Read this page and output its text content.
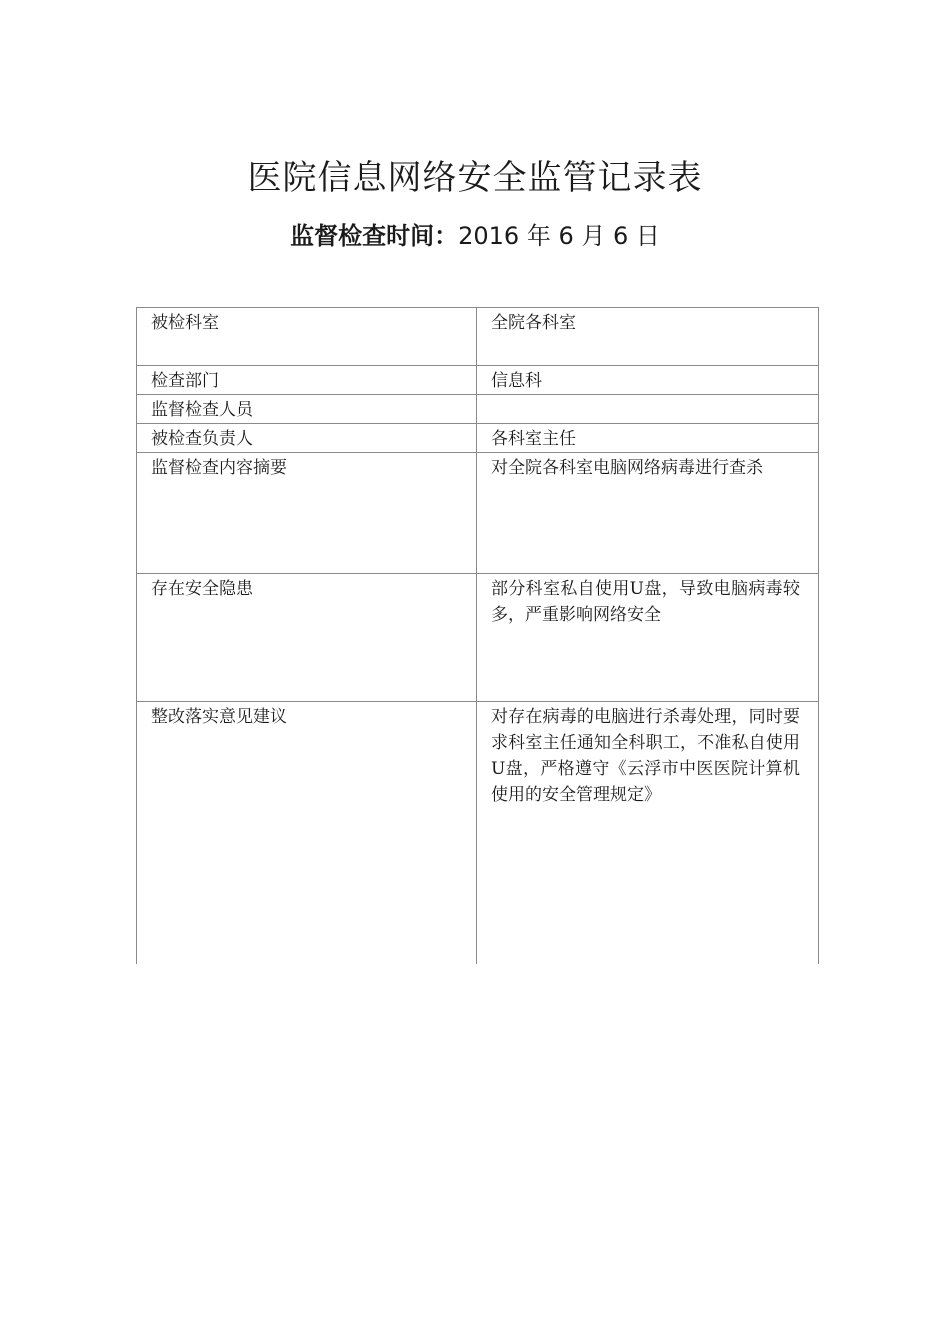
医院信息网络安全监管记录表

监督检查时间：2016 年 6 月 6 日

被检科室	全院各科室
检查部门	信息科
监督检查人员	
被检查负责人	各科室主任
监督检查内容摘要	对全院各科室电脑网络病毒进行查杀
存在安全隐患	部分科室私自使用U盘，导致电脑病毒较多，严重影响网络安全
整改落实意见建议	对存在病毒的电脑进行杀毒处理，同时要求科室主任通知全科职工，不准私自使用U盘，严格遵守《云浮市中医医院计算机使用的安全管理规定》
